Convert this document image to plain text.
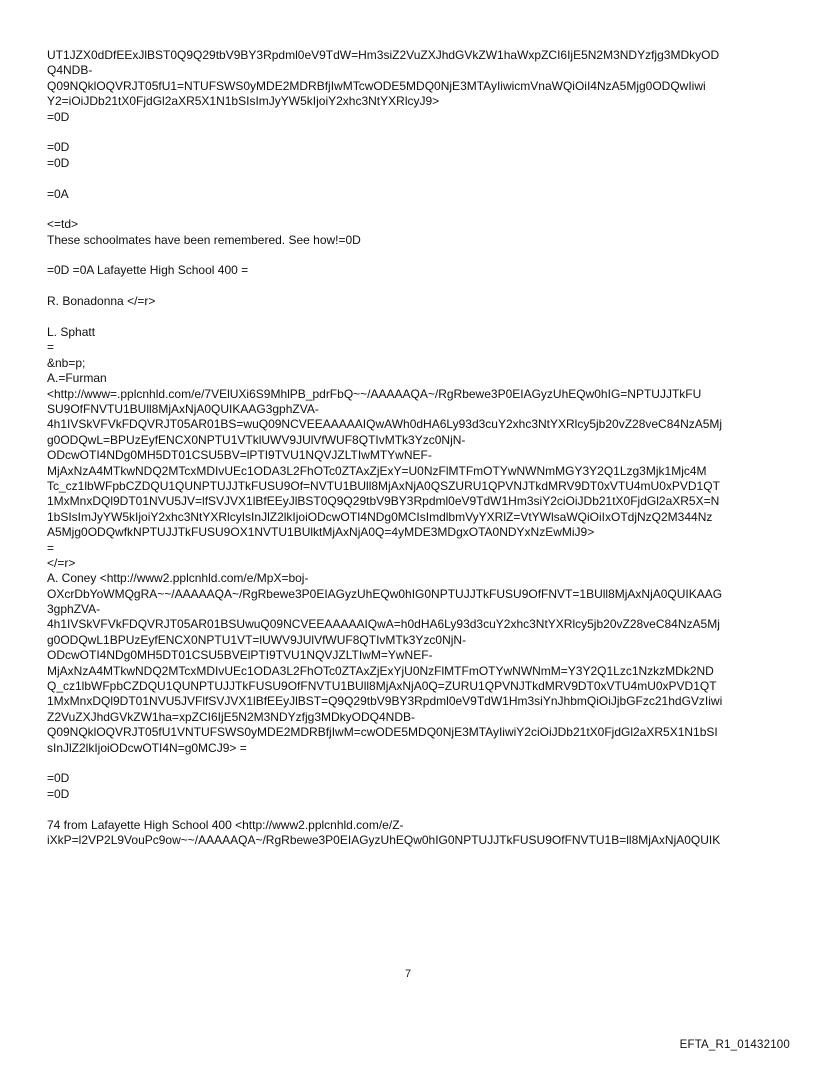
UT1JZX0dDfEExJlBST0Q9Q29tbV9BY3Rpdml0eV9TdW=Hm3siZ2VuZXJhdGVkZW1haWxpZCI6IjE5N2M3NDYzfjg3MDkyOD
Q4NDB-
Q09NQklOQVRJT05fU1=NTUFSWS0yMDE2MDRBfjIwMTcwODE5MDQ0NjE3MTAyIiwicmVnaWQiOiI4NzA5Mjg0ODQwIiwi
Y2=iOiJDb21tX0FjdGl2aXR5X1N1bSIsImJyYW5kIjoiY2xhc3NtYXRlcyJ9>
=0D
=0D
=0D
=0A
<=td>
These schoolmates have been remembered. See how!=0D
=0D =0A Lafayette High School 400 =
R. Bonadonna </=r>
L. Sphatt
=
&nb=p;
A.=Furman
<http://www=.pplcnhld.com/e/7VElUXi6S9MhlPB_pdrFbQ~~/AAAAAQA~/RgRbewe3P0EIAGyzUhEQw0hIG=NPTUJJTkFU
SU9OfFNVTU1BUll8MjAxNjA0QUIKAAG3gphZVA-
4h1IVSkVFVkFDQVRJT05AR01BS=wuQ09NCVEEAAAAAIQwAWh0dHA6Ly93d3cuY2xhc3NtYXRlcy5jb20vZ28veC84NzA5Mj
g0ODQwL=BPUzEyfENCX0NPTU1VTklUWV9JUlVfWUF8QTIvMTk3Yzc0NjN-
ODcwOTI4NDg0MH5DT01CSU5BV=lPTI9TVU1NQVJZLTIwMTYwNEF-
MjAxNzA4MTkwNDQ2MTcxMDIvUEc1ODA3L2FhOTc0ZTAxZjExY=U0NzFlMTFmOTYwNWNmMGY3Y2Q1Lzg3Mjk1Mjc4M
Tc_cz1lbWFpbCZDQU1QUNPTUJJTkFUSU9Of=NVTU1BUll8MjAxNjA0QSZURU1QPVNJTkdMRV9DT0xVTU4mU0xPVD1QT
1MxMnxDQl9DT01NVU5JV=lfSVJVX1lBfEEyJlBST0Q9Q29tbV9BY3Rpdml0eV9TdW1Hm3siY2ciOiJDb21tX0FjdGl2aXR5X=N
1bSIsImJyYW5kIjoiY2xhc3NtYXRlcyIsInJlZ2lkIjoiODcwOTI4NDg0MCIsImdlbmVyYXRlZ=VtYWlsaWQiOiIxOTdjNzQ2M344Nz
A5Mjg0ODQwfkNPTUJJTkFUSU9OX1NVTU1BUlktMjAxNjA0Q=4yMDE3MDgxOTA0NDYxNzEwMiJ9>
=
</=r>
A. Coney <http://www2.pplcnhld.com/e/MpX=boj-
OXcrDbYoWMQgRA~~/AAAAAQA~/RgRbewe3P0EIAGyzUhEQw0hIG0NPTUJJTkFUSU9OfFNVT=1BUll8MjAxNjA0QUIKAAG
3gphZVA-
4h1IVSkVFVkFDQVRJT05AR01BSUwuQ09NCVEEAAAAAIQwA=h0dHA6Ly93d3cuY2xhc3NtYXRlcy5jb20vZ28veC84NzA5Mj
g0ODQwL1BPUzEyfENCX0NPTU1VT=lUWV9JUlVfWUF8QTIvMTk3Yzc0NjN-
ODcwOTI4NDg0MH5DT01CSU5BVElPTI9TVU1NQVJZLTIwM=YwNEF-
MjAxNzA4MTkwNDQ2MTcxMDIvUEc1ODA3L2FhOTc0ZTAxZjExYjU0NzFlMTFmOTYwNWNmM=Y3Y2Q1Lzc1NzkzMDk2ND
Q_cz1lbWFpbCZDQU1QUNPTUJJTkFUSU9OfFNVTU1BUll8MjAxNjA0Q=ZURU1QPVNJTkdMRV9DT0xVTU4mU0xPVD1QT
1MxMnxDQl9DT01NVU5JVFlfSVJVX1lBfEEyJlBST=Q9Q29tbV9BY3Rpdml0eV9TdW1Hm3siYnJhbmQiOiJjbGFzc21hdGVzIiwi
Z2VuZXJhdGVkZW1ha=xpZCI6IjE5N2M3NDYzfjg3MDkyODQ4NDB-
Q09NQklOQVRJT05fU1VNTUFSWS0yMDE2MDRBfjIwM=cwODE5MDQ0NjE3MTAyIiwiY2ciOiJDb21tX0FjdGl2aXR5X1N1bSI
sInJlZ2lkIjoiODcwOTI4N=g0MCJ9> =
=0D
=0D
74 from Lafayette High School 400 <http://www2.pplcnhld.com/e/Z-
iXkP=l2VP2L9VouPc9ow~~/AAAAAQA~/RgRbewe3P0EIAGyzUhEQw0hIG0NPTUJJTkFUSU9OfFNVTU1B=ll8MjAxNjA0QUIK
7
EFTA_R1_01432100
